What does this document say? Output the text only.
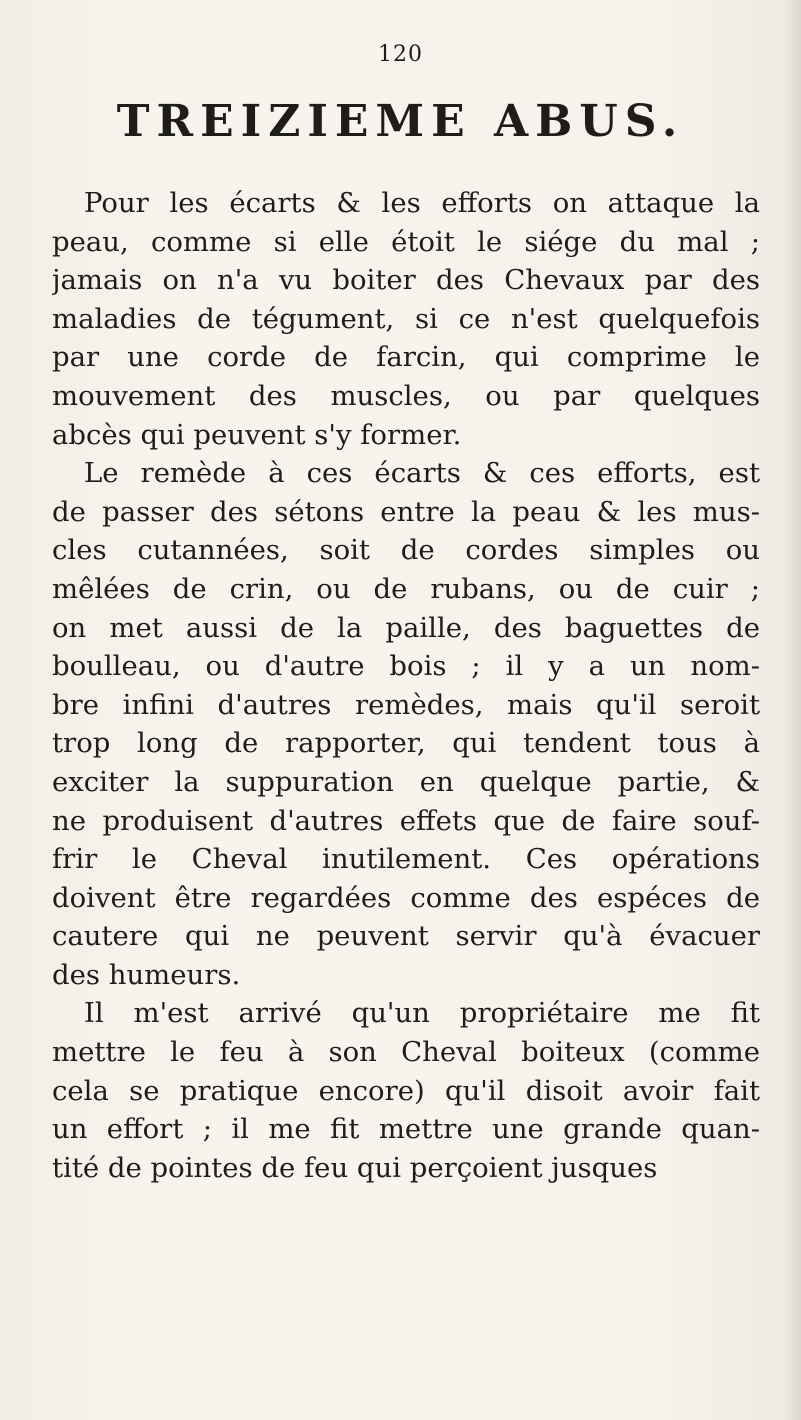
120
TREIZIEME ABUS.

Pour les écarts & les efforts on attaque la
peau, comme si elle étoit le siége du mal ;
jamais on n'a vu boiter des Chevaux par des
maladies de tégument, si ce n'est quelquefois
par une corde de farcin, qui comprime le
mouvement des muscles, ou par quelques
abcès qui peuvent s'y former.

Le remède à ces écarts & ces efforts, est
de passer des sétons entre la peau & les mus-
cles cutannées, soit de cordes simples ou
mêlées de crin, ou de rubans, ou de cuir ;
on met aussi de la paille, des baguettes de
boulleau, ou d'autre bois ; il y a un nom-
bre infini d'autres remèdes, mais qu'il seroit
trop long de rapporter, qui tendent tous à
exciter la suppuration en quelque partie, &
ne produisent d'autres effets que de faire souf-
frir le Cheval inutilement. Ces opérations
doivent être regardées comme des espéces de
cautere qui ne peuvent servir qu'à évacuer
des humeurs.

Il m'est arrivé qu'un propriétaire me fit
mettre le feu à son Cheval boiteux (comme
cela se pratique encore) qu'il disoit avoir fait
un effort ; il me fit mettre une grande quan-
tité de pointes de feu qui perçoient jusques
